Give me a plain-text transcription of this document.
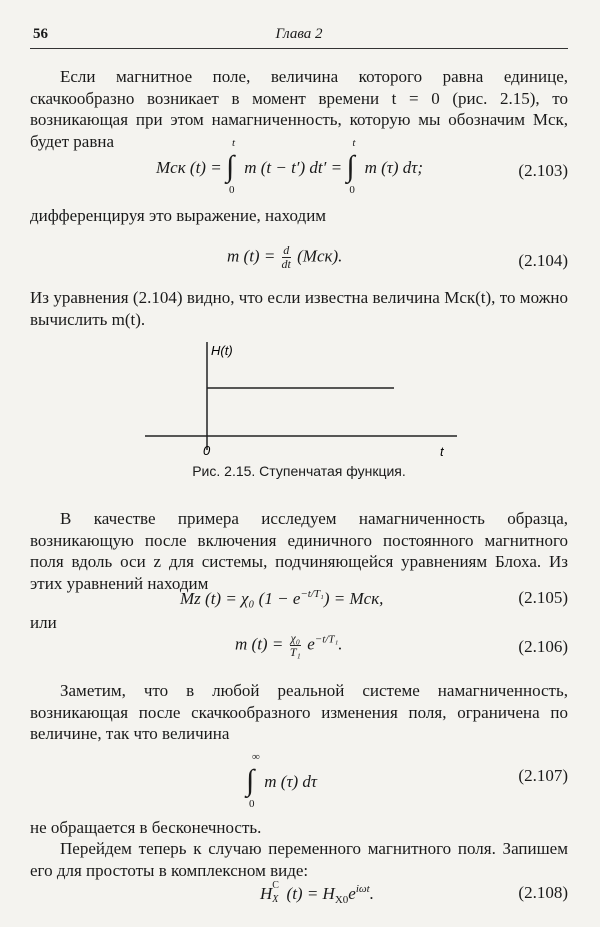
56	Глава 2

Если магнитное поле, величина которого равна единице, скачкообразно возникает в момент времени t = 0 (рис. 2.15), то возникающая при этом намагниченность, которую мы обозначим Mск, будет равна

Mск (t) = ∫
t
0
m (t − t′) dt′ = ∫
t
0
m (τ) dτ;	(2.103)

дифференцируя это выражение, находим

m $(t) = \frac{d}{dt} (Mск)$.	(2.104)

Из уравнения (2.104) видно, что если известна величина Mск(t), то можно вычислить m(t).

H(t)
0	t
Рис. 2.15. Ступенчатая функция.

В качестве примера исследуем намагниченность образца, возникающую после включения единичного постоянного магнитного поля вдоль оси z для системы, подчиняющейся уравнениям Блоха. Из этих уравнений находим

Mz (t) = χ₀ $(1 - e^{-t/T_1})$ = Mск,	(2.105)

или

m $(t) = \frac{\text{χ₀}}{\text{T₁}} e^{-t/T_1}$.	(2.106)

Заметим, что в любой реальной системе намагниченность, возникающая после скачкообразного изменения поля, ограничена по величине, так что величина

∫
∞
0
m (τ) dτ	(2.107)

не обращается в бесконечность.

Перейдем теперь к случаю переменного магнитного поля. Запишем его для простоты в комплексном виде:

H C
X $(t) = H_{X0}e^{i\omega t}$.	(2.108)
